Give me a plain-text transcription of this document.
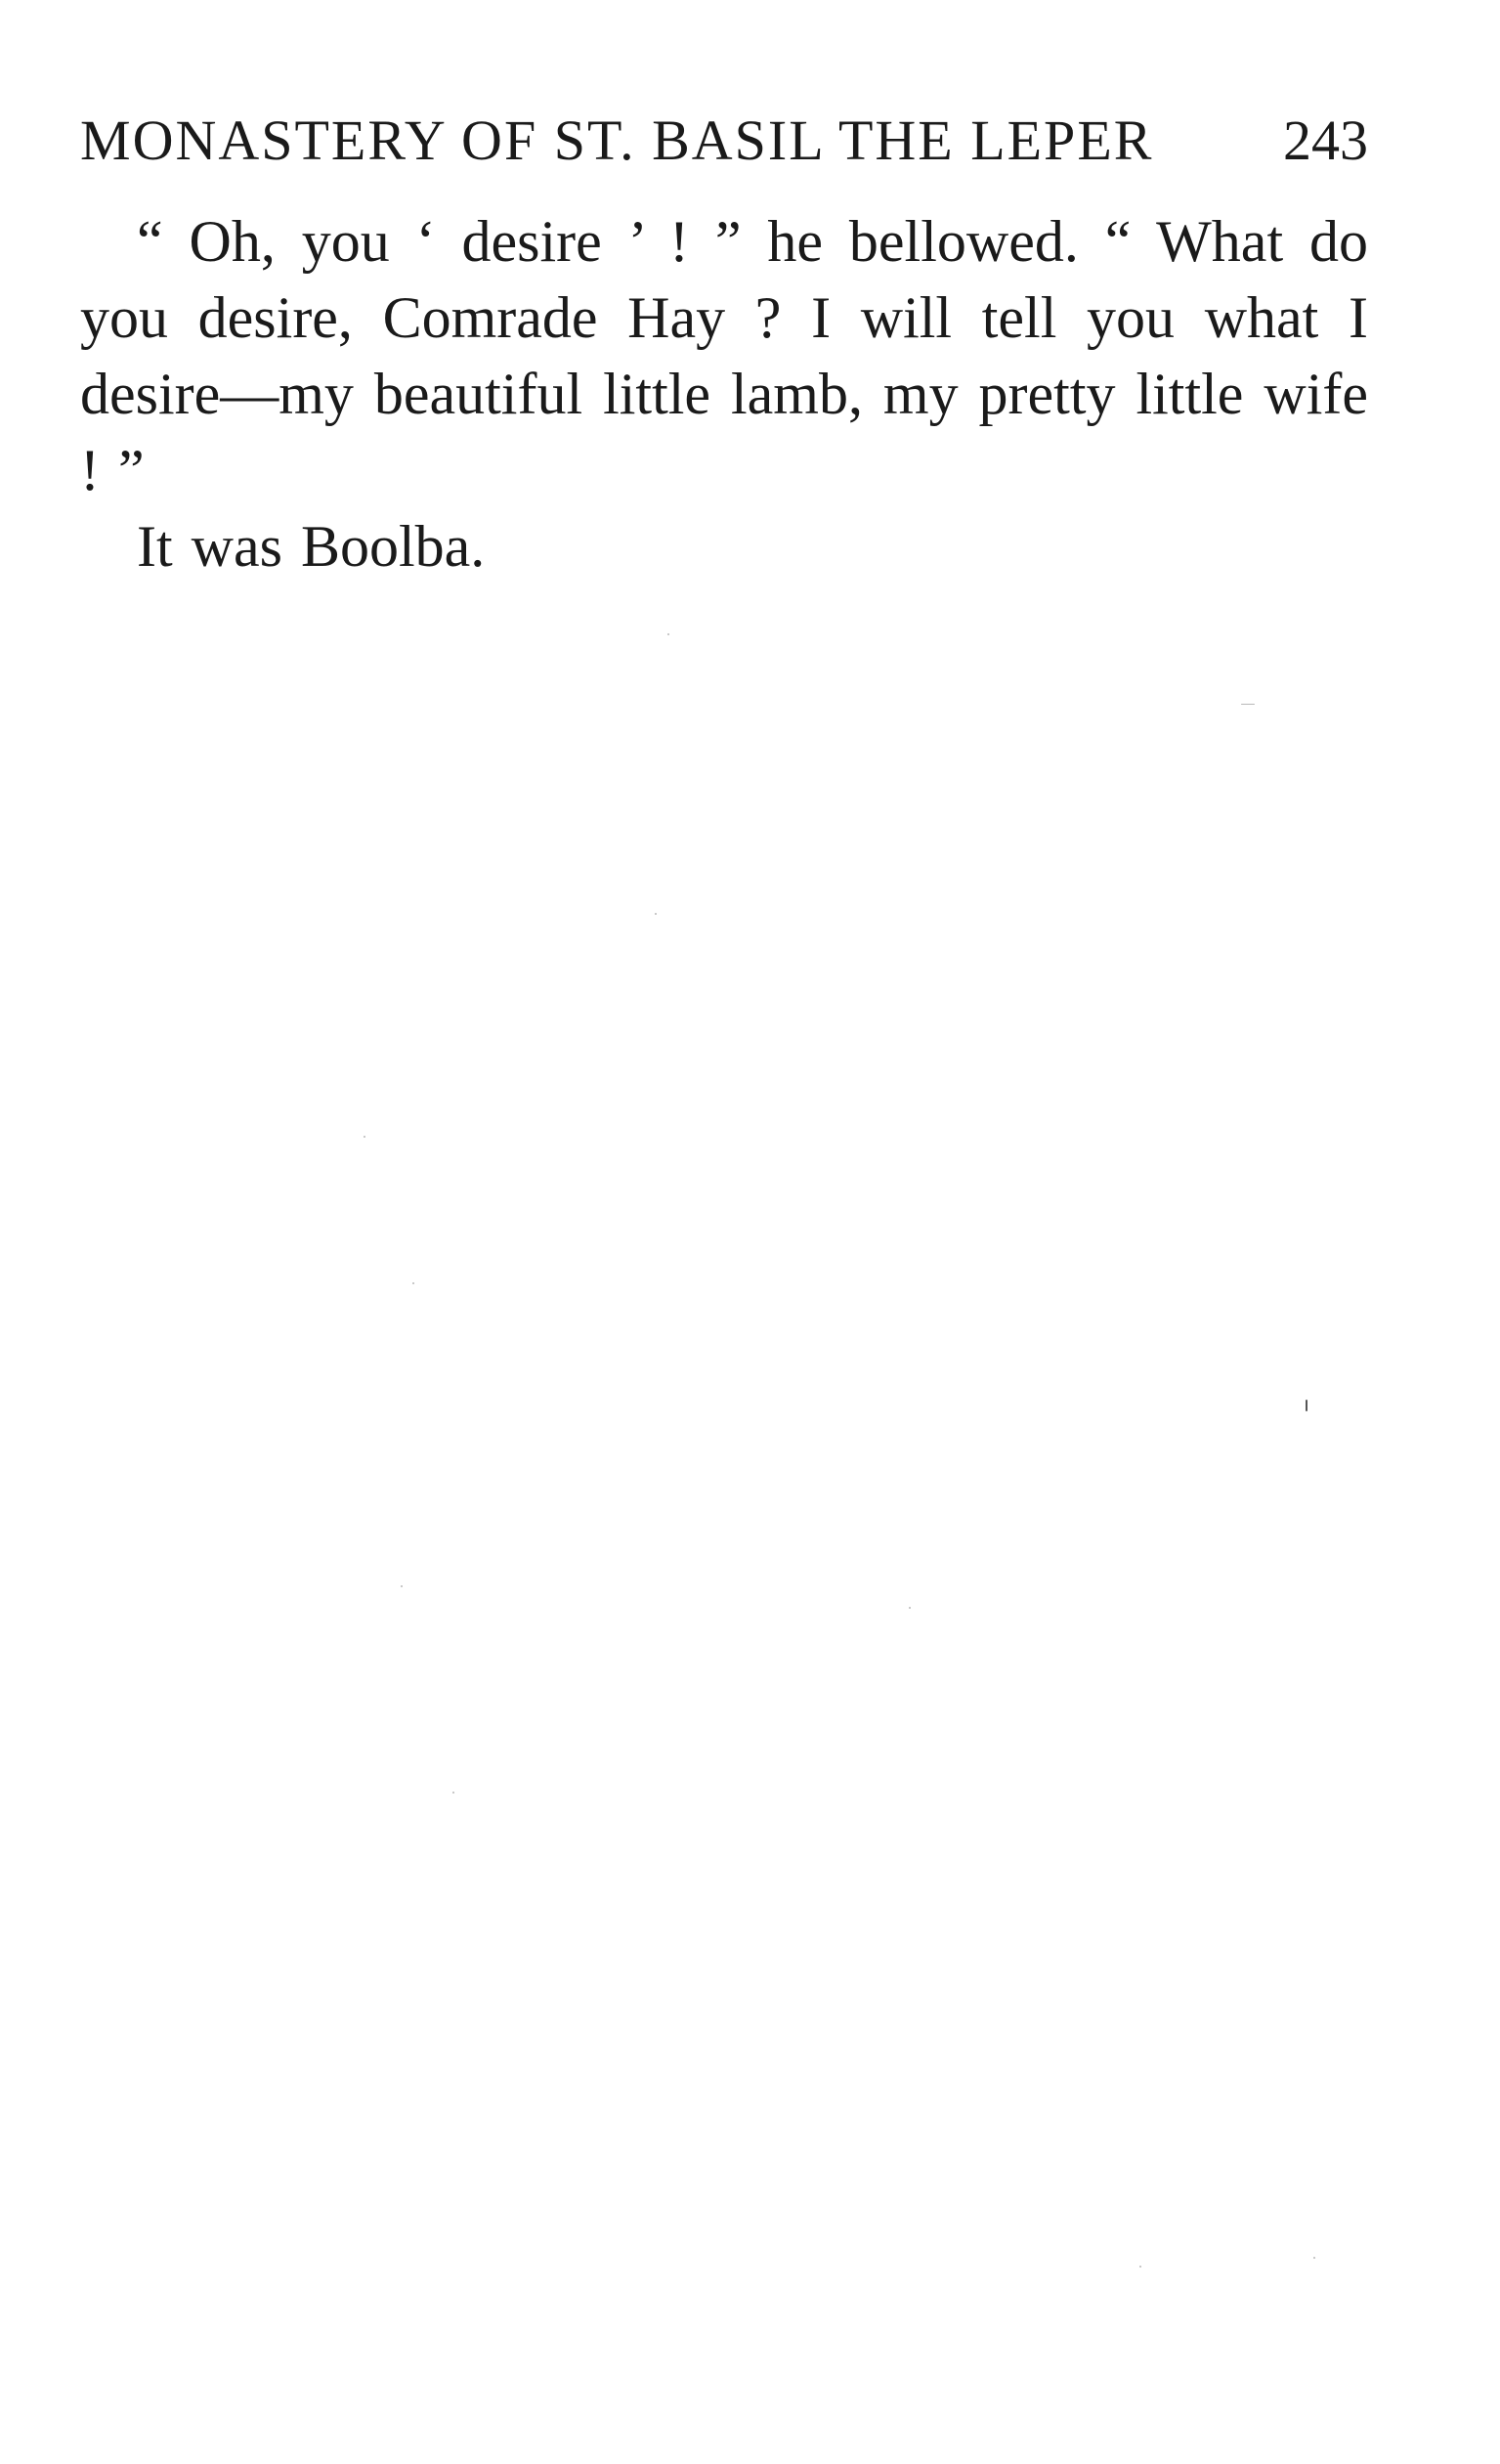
MONASTERY OF ST. BASIL THE LEPER 243

“ Oh, you ‘ desire ’ ! ” he bellowed. “ What do you desire, Comrade Hay ? I will tell you what I desire—my beautiful little lamb, my pretty little wife ! ”

It was Boolba.
